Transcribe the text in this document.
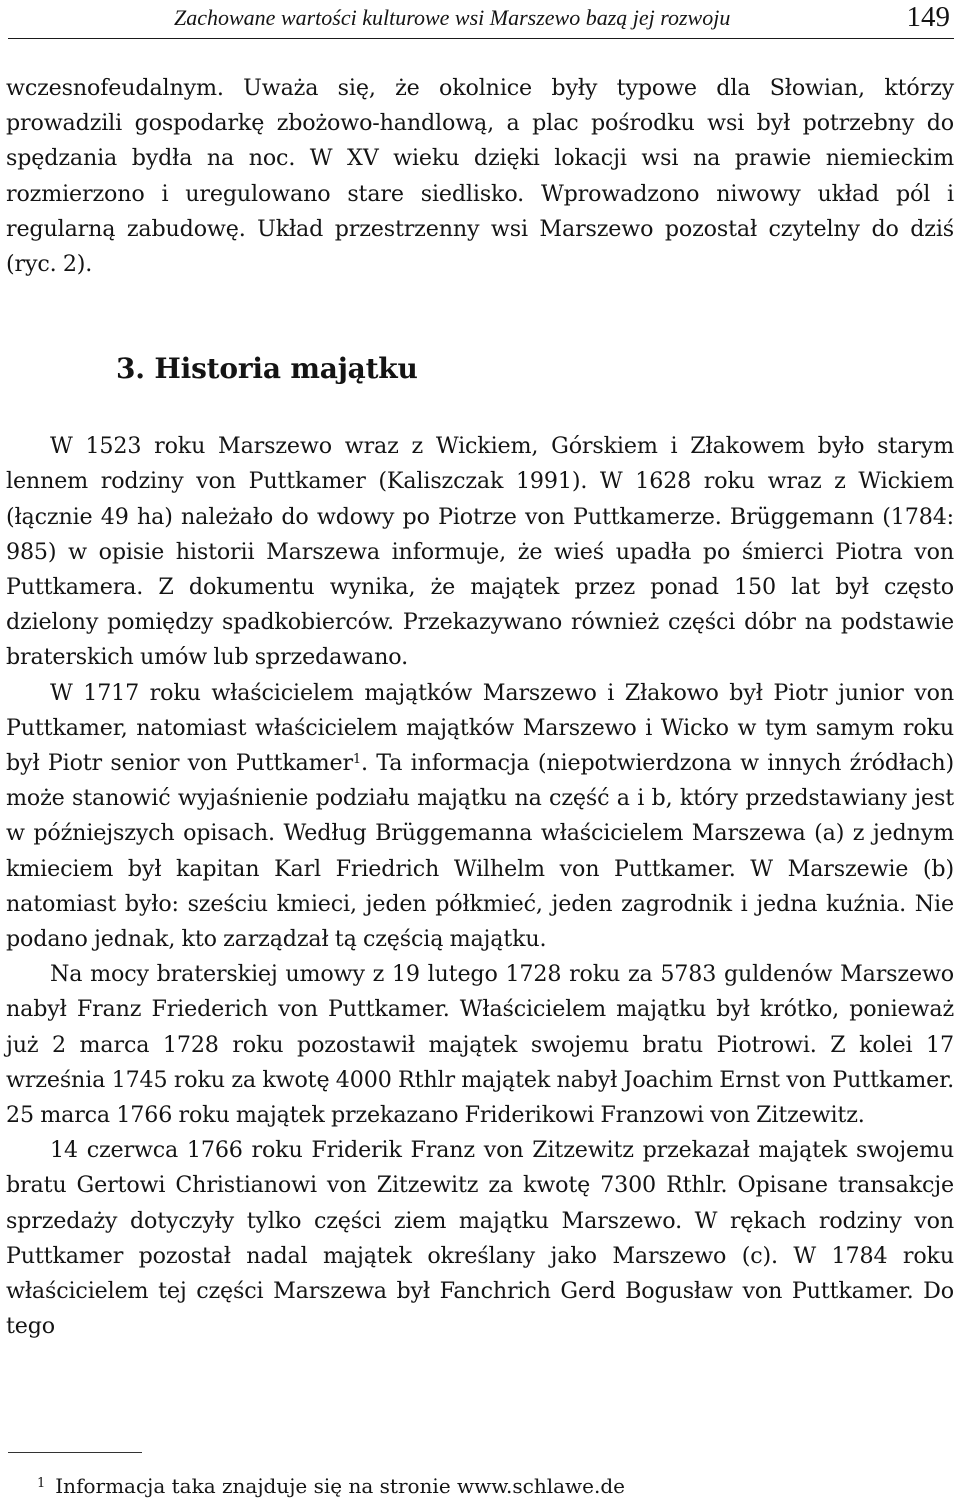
Zachowane wartości kulturowe wsi Marszewo bazą jej rozwoju	149

wczesnofeudalnym. Uważa się, że okolnice były typowe dla Słowian, którzy prowadzili gospodarkę zbożowo-handlową, a plac pośrodku wsi był potrzebny do spędzania bydła na noc. W XV wieku dzięki lokacji wsi na prawie niemieckim rozmierzono i uregulowano stare siedlisko. Wprowadzono niwowy układ pól i regularną zabudowę. Układ przestrzenny wsi Marszewo pozostał czytelny do dziś (ryc. 2).

3. Historia majątku

W 1523 roku Marszewo wraz z Wickiem, Górskiem i Złakowem było starym lennem rodziny von Puttkamer (Kaliszczak 1991). W 1628 roku wraz z Wickiem (łącznie 49 ha) należało do wdowy po Piotrze von Puttkamerze. Brüggemann (1784: 985) w opisie historii Marszewa informuje, że wieś upadła po śmierci Piotra von Puttkamera. Z dokumentu wynika, że majątek przez ponad 150 lat był często dzielony pomiędzy spadkobierców. Przekazywano również części dóbr na podstawie braterskich umów lub sprzedawano.

W 1717 roku właścicielem majątków Marszewo i Złakowo był Piotr junior von Puttkamer, natomiast właścicielem majątków Marszewo i Wicko w tym samym roku był Piotr senior von Puttkamer$^1$. Ta informacja (niepotwierdzona w innych źródłach) może stanowić wyjaśnienie podziału majątku na część a i b, który przedstawiany jest w późniejszych opisach. Według Brüggemanna właścicielem Marszewa (a) z jednym kmieciem był kapitan Karl Friedrich Wilhelm von Puttkamer. W Marszewie (b) natomiast było: sześciu kmieci, jeden półkmieć, jeden zagrodnik i jedna kuźnia. Nie podano jednak, kto zarządzał tą częścią majątku.

Na mocy braterskiej umowy z 19 lutego 1728 roku za 5783 guldenów Marszewo nabył Franz Friederich von Puttkamer. Właścicielem majątku był krótko, ponieważ już 2 marca 1728 roku pozostawił majątek swojemu bratu Piotrowi. Z kolei 17 września 1745 roku za kwotę 4000 Rthlr majątek nabył Joachim Ernst von Puttkamer. 25 marca 1766 roku majątek przekazano Friderikowi Franzowi von Zitzewitz.

14 czerwca 1766 roku Friderik Franz von Zitzewitz przekazał majątek swojemu bratu Gertowi Christianowi von Zitzewitz za kwotę 7300 Rthlr. Opisane transakcje sprzedaży dotyczyły tylko części ziem majątku Marszewo. W rękach rodziny von Puttkamer pozostał nadal majątek określany jako Marszewo (c). W 1784 roku właścicielem tej części Marszewa był Fanchrich Gerd Bogusław von Puttkamer. Do tego

$^1$ Informacja taka znajduje się na stronie www.schlawe.de
